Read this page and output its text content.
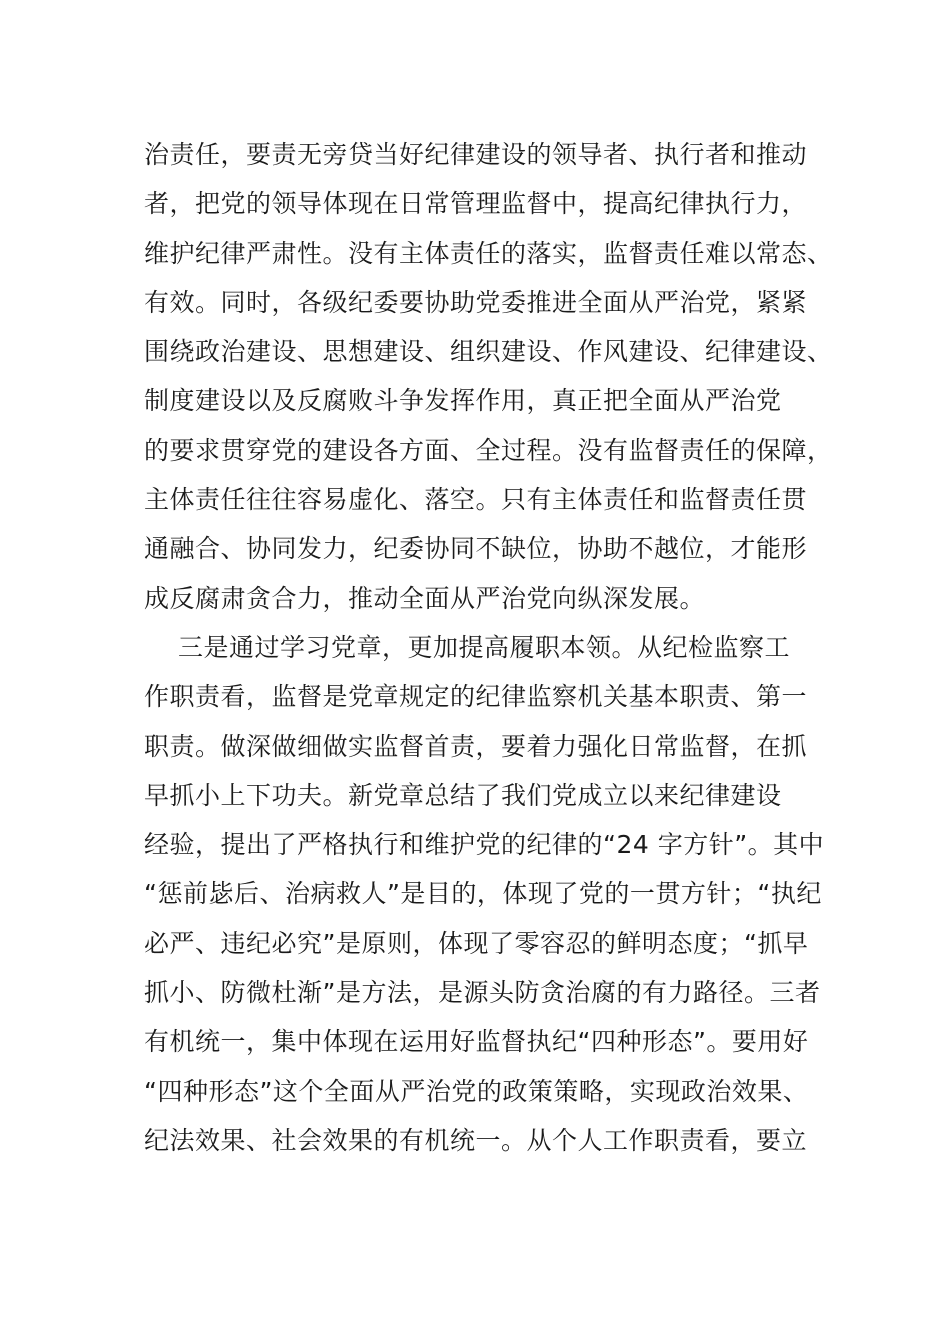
治责任，要责无旁贷当好纪律建设的领导者、执行者和推动
者，把党的领导体现在日常管理监督中，提高纪律执行力，
维护纪律严肃性。没有主体责任的落实，监督责任难以常态、
有效。同时，各级纪委要协助党委推进全面从严治党，紧紧
围绕政治建设、思想建设、组织建设、作风建设、纪律建设、
制度建设以及反腐败斗争发挥作用，真正把全面从严治党
的要求贯穿党的建设各方面、全过程。没有监督责任的保障，
主体责任往往容易虚化、落空。只有主体责任和监督责任贯
通融合、协同发力，纪委协同不缺位，协助不越位，才能形
成反腐肃贪合力，推动全面从严治党向纵深发展。
三是通过学习党章，更加提高履职本领。从纪检监察工
作职责看，监督是党章规定的纪律监察机关基本职责、第一
职责。做深做细做实监督首责，要着力强化日常监督，在抓
早抓小上下功夫。新党章总结了我们党成立以来纪律建设
经验，提出了严格执行和维护党的纪律的“24 字方针”。其中
“惩前毖后、治病救人”是目的，体现了党的一贯方针；“执纪
必严、违纪必究”是原则，体现了零容忍的鲜明态度；“抓早
抓小、防微杜渐”是方法，是源头防贪治腐的有力路径。三者
有机统一，集中体现在运用好监督执纪“四种形态”。要用好
“四种形态”这个全面从严治党的政策策略，实现政治效果、
纪法效果、社会效果的有机统一。从个人工作职责看，要立
